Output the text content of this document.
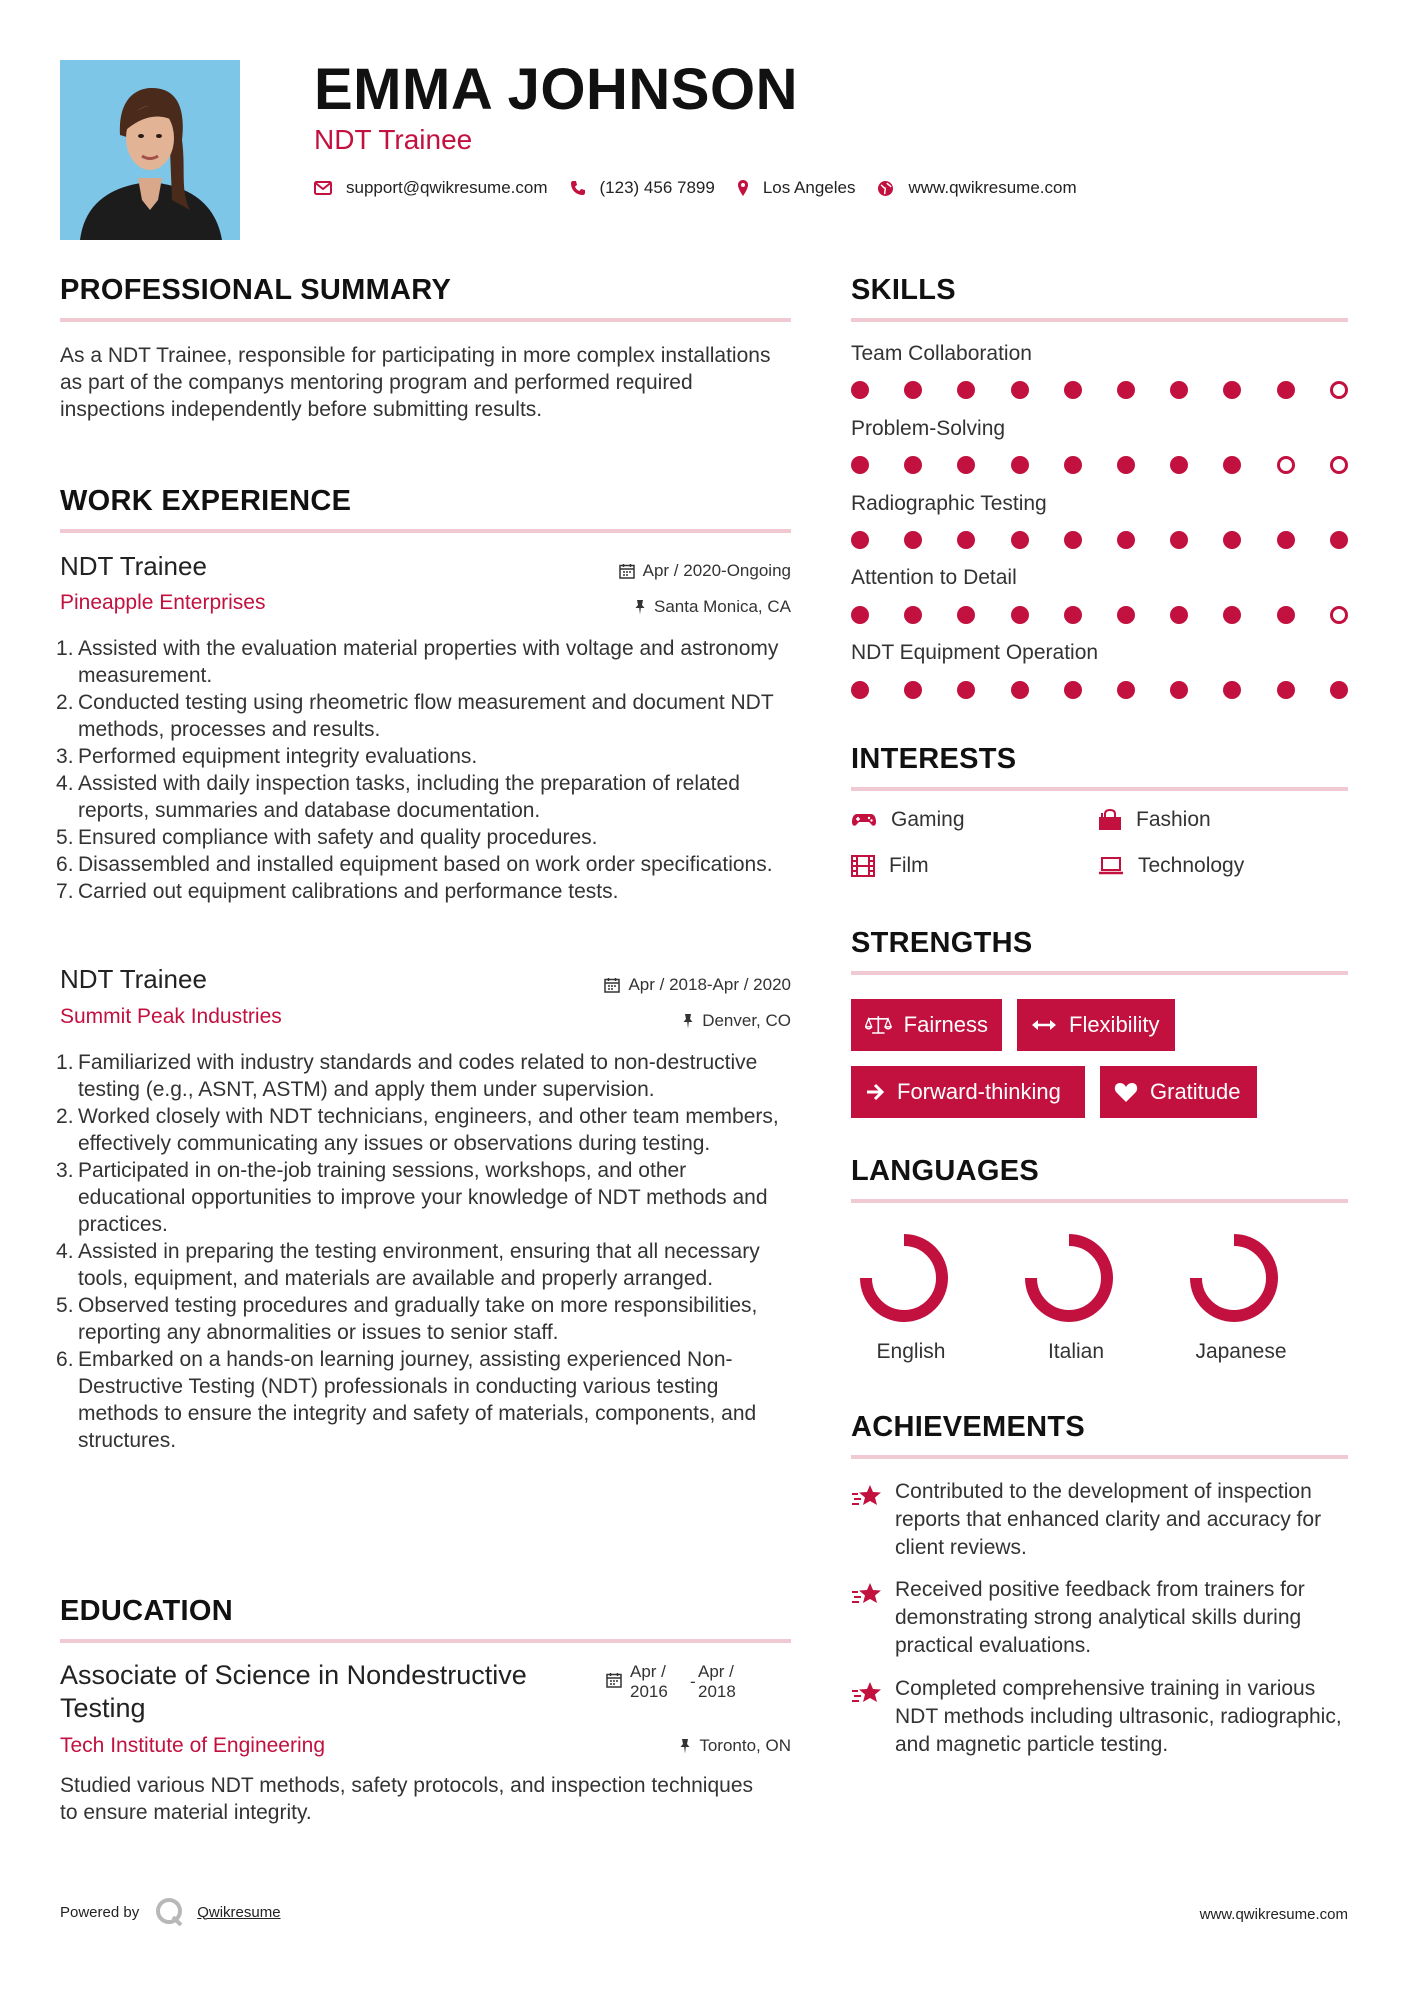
EMMA JOHNSON
NDT Trainee
support@qwikresume.com	(123) 456 7899	Los Angeles	www.qwikresume.com
PROFESSIONAL SUMMARY
As a NDT Trainee, responsible for participating in more complex installations as part of the companys mentoring program and performed required inspections independently before submitting results.
WORK EXPERIENCE
NDT Trainee
Pineapple Enterprises
Apr / 2020-Ongoing
Santa Monica, CA
Assisted with the evaluation material properties with voltage and astronomy measurement.
Conducted testing using rheometric flow measurement and document NDT methods, processes and results.
Performed equipment integrity evaluations.
Assisted with daily inspection tasks, including the preparation of related reports, summaries and database documentation.
Ensured compliance with safety and quality procedures.
Disassembled and installed equipment based on work order specifications.
Carried out equipment calibrations and performance tests.
NDT Trainee
Summit Peak Industries
Apr / 2018-Apr / 2020
Denver, CO
Familiarized with industry standards and codes related to non-destructive testing (e.g., ASNT, ASTM) and apply them under supervision.
Worked closely with NDT technicians, engineers, and other team members, effectively communicating any issues or observations during testing.
Participated in on-the-job training sessions, workshops, and other educational opportunities to improve your knowledge of NDT methods and practices.
Assisted in preparing the testing environment, ensuring that all necessary tools, equipment, and materials are available and properly arranged.
Observed testing procedures and gradually take on more responsibilities, reporting any abnormalities or issues to senior staff.
Embarked on a hands-on learning journey, assisting experienced Non-Destructive Testing (NDT) professionals in conducting various testing methods to ensure the integrity and safety of materials, components, and structures.
EDUCATION
Associate of Science in Nondestructive Testing
Apr / 2016
-
Apr / 2018
Tech Institute of Engineering	Toronto, ON
Studied various NDT methods, safety protocols, and inspection techniques to ensure material integrity.
SKILLS
Team Collaboration
Problem-Solving
Radiographic Testing
Attention to Detail
NDT Equipment Operation
INTERESTS
Gaming	Fashion
Film	Technology
STRENGTHS
Fairness	Flexibility
Forward-thinking	Gratitude
LANGUAGES
English	Italian	Japanese
ACHIEVEMENTS
Contributed to the development of inspection reports that enhanced clarity and accuracy for client reviews.
Received positive feedback from trainers for demonstrating strong analytical skills during practical evaluations.
Completed comprehensive training in various NDT methods including ultrasonic, radiographic, and magnetic particle testing.
Powered by	Qwikresume	www.qwikresume.com
